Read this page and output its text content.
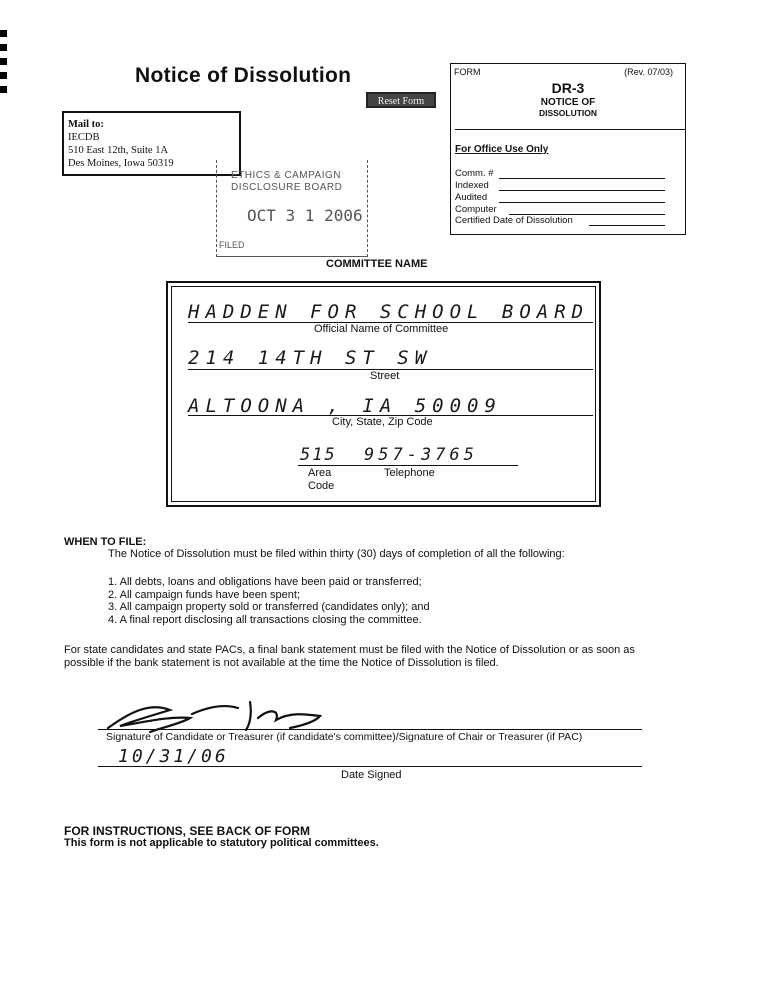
Notice of Dissolution
Reset Form
Mail to:
IECDB
510 East 12th, Suite 1A
Des Moines, Iowa 50319
FORM	(Rev. 07/03)
DR-3
NOTICE OF
DISSOLUTION
For Office Use Only
Comm. #
Indexed
Audited
Computer
Certified Date of Dissolution
ETHICS & CAMPAIGN
DISCLOSURE BOARD
OCT 3 1 2006
FILED
COMMITTEE NAME
HADDEN FOR SCHOOL BOARD
Official Name of Committee
214 14TH ST SW
Street
ALTOONA , IA 50009
City, State, Zip Code
515 957-3765
Area
Code
Telephone
WHEN TO FILE:
The Notice of Dissolution must be filed within thirty (30) days of completion of all the following:
1. All debts, loans and obligations have been paid or transferred;
2. All campaign funds have been spent;
3. All campaign property sold or transferred (candidates only); and
4. A final report disclosing all transactions closing the committee.
For state candidates and state PACs, a final bank statement must be filed with the Notice of Dissolution or as soon as
possible if the bank statement is not available at the time the Notice of Dissolution is filed.
Signature of Candidate or Treasurer (if candidate's committee)/Signature of Chair or Treasurer (if PAC)
10/31/06
Date Signed
FOR INSTRUCTIONS, SEE BACK OF FORM
This form is not applicable to statutory political committees.
